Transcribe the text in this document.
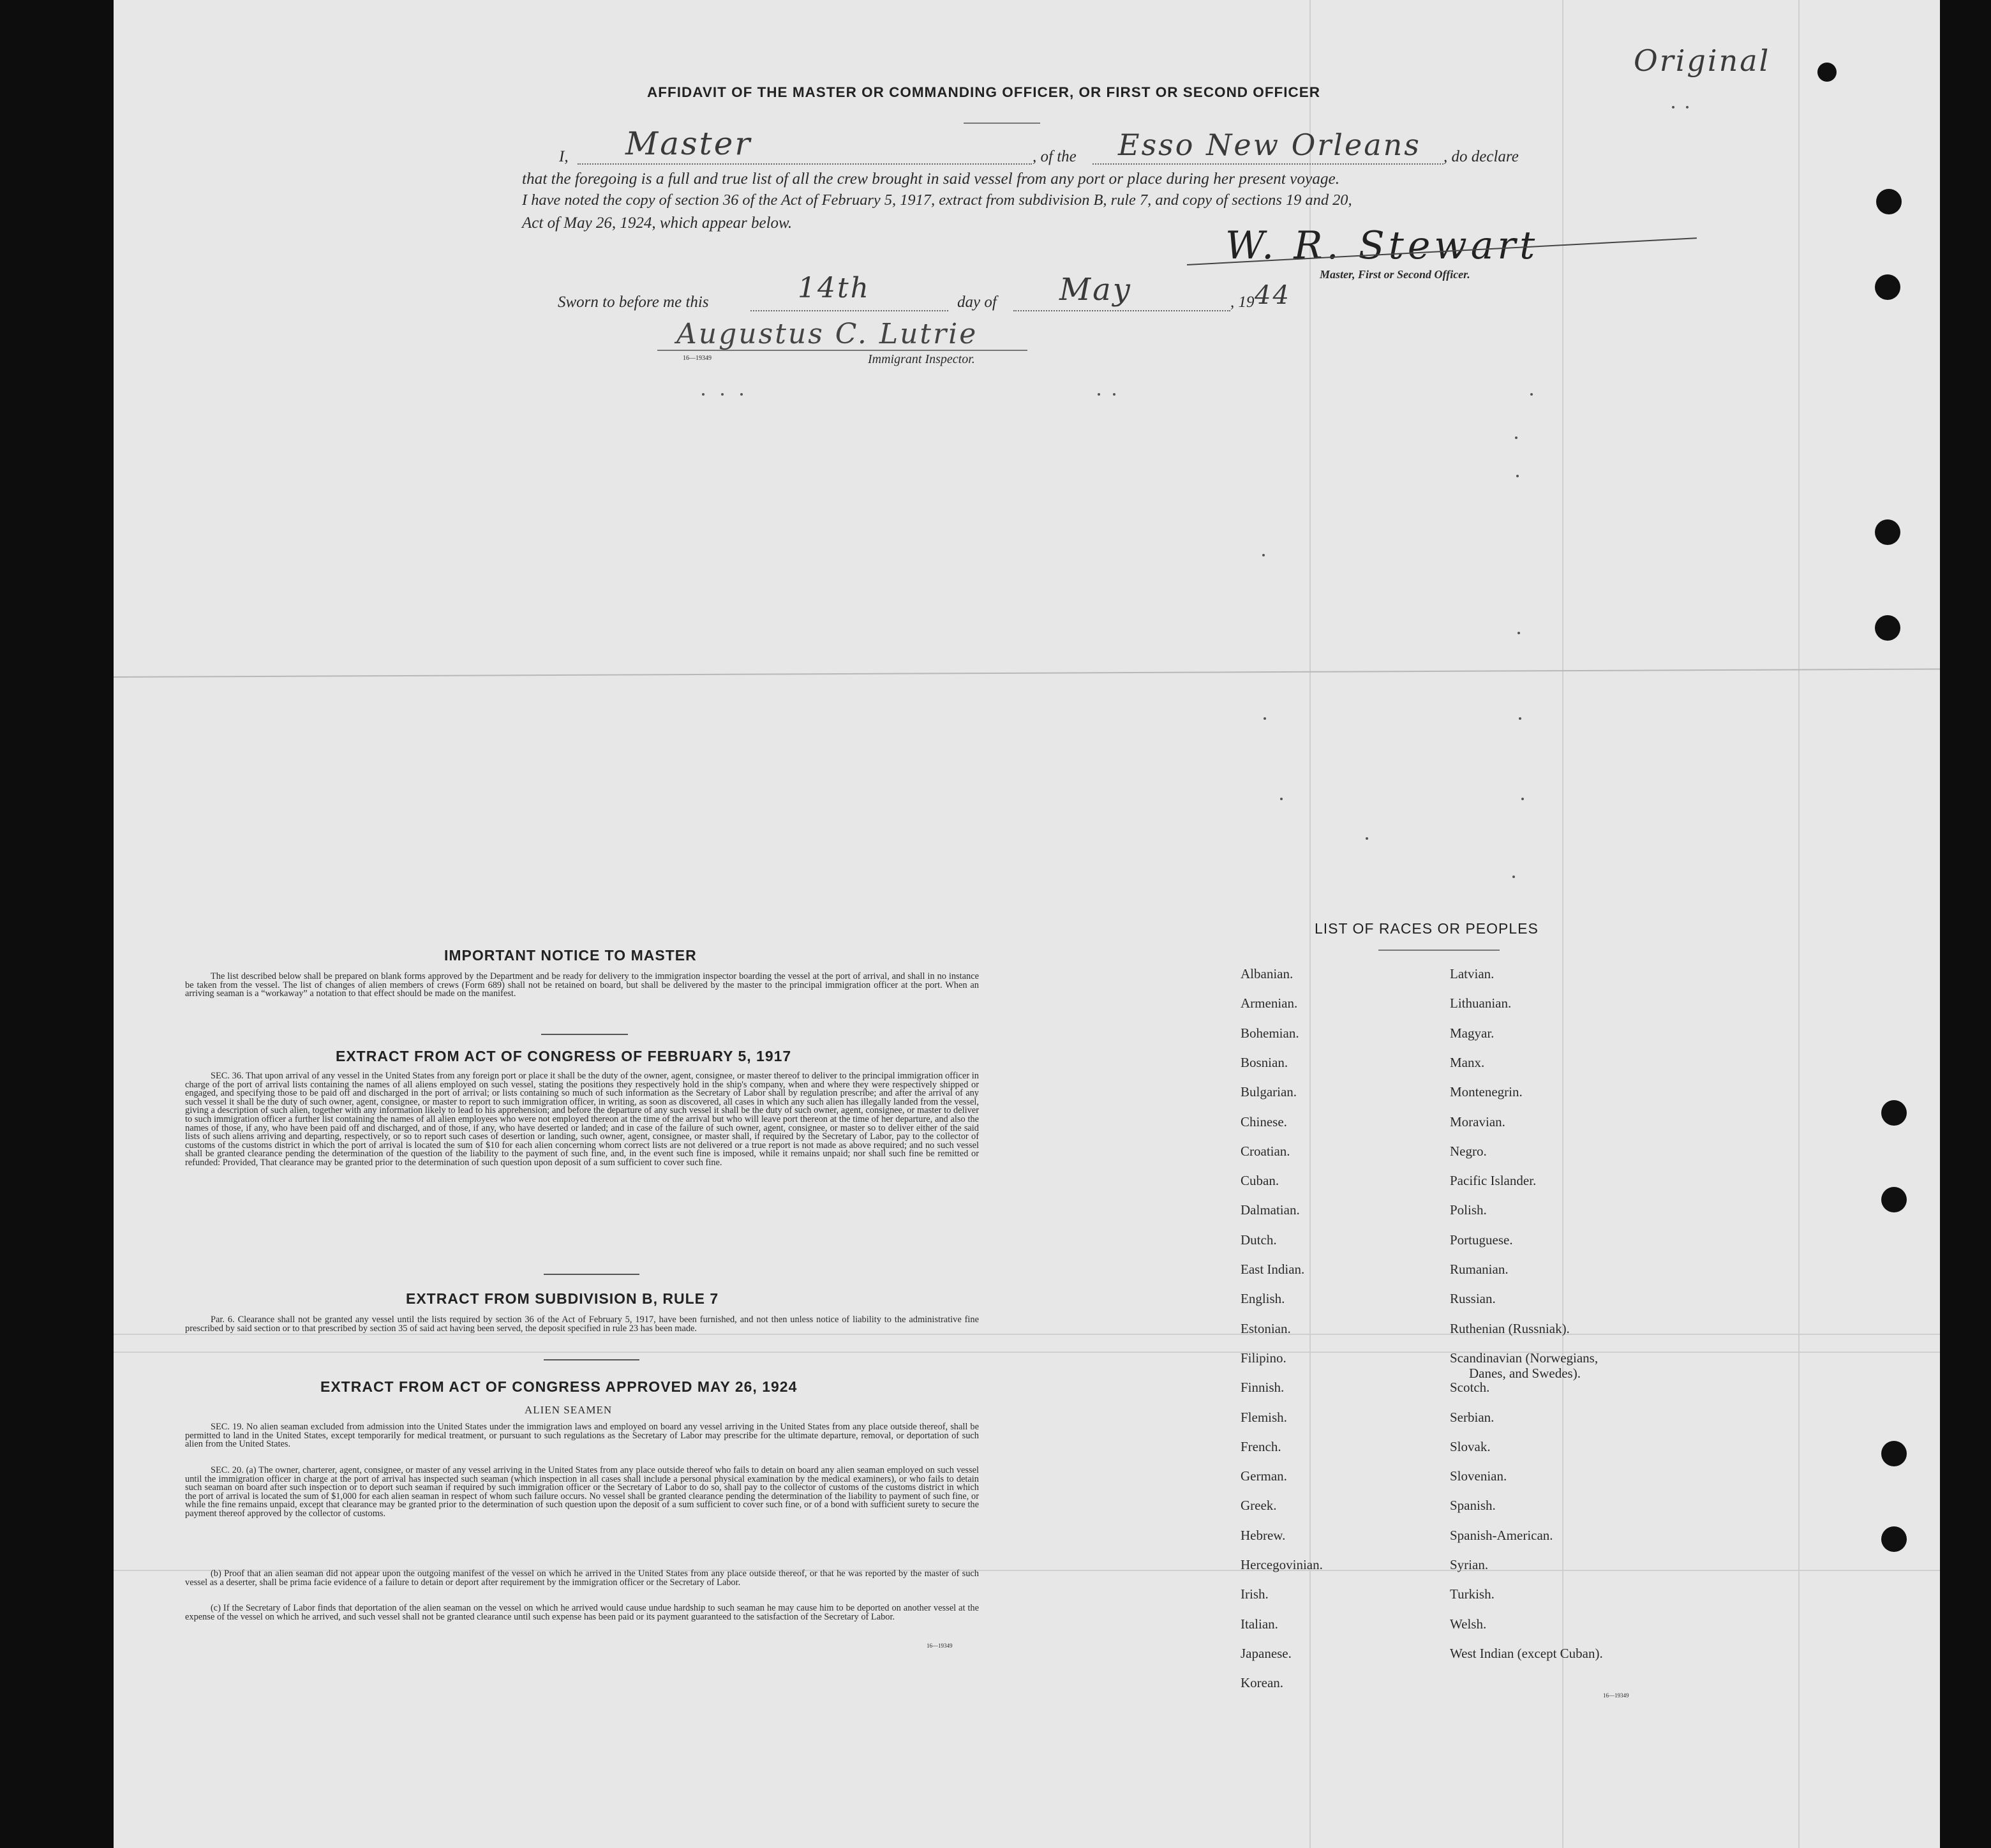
Original
AFFIDAVIT OF THE MASTER OR COMMANDING OFFICER, OR FIRST OR SECOND OFFICER
I, Master	, of the Esso New Orleans , do declare
that the foregoing is a full and true list of all the crew brought in said vessel from any port or place during her present voyage.
I have noted the copy of section 36 of the Act of February 5, 1917, extract from subdivision B, rule 7, and copy of sections 19 and 20,
Act of May 26, 1924, which appear below.
W. R. Stewart
Master, First or Second Officer.
Sworn to before me this	14th	day of May	, 19 44
Augustus C. Lutrie
16—19349	Immigrant Inspector.
IMPORTANT NOTICE TO MASTER
The list described below shall be prepared on blank forms approved by the Department and be ready for delivery to the immigration inspector boarding the vessel at the port of arrival, and shall in no instance be taken from the vessel. The list of changes of alien members of crews (Form 689) shall not be retained on board, but shall be delivered by the master to the principal immigration officer at the port. When an arriving seaman is a “workaway” a notation to that effect should be made on the manifest.
EXTRACT FROM ACT OF CONGRESS OF FEBRUARY 5, 1917
SEC. 36. That upon arrival of any vessel in the United States from any foreign port or place it shall be the duty of the owner, agent, consignee, or master thereof to deliver to the principal immigration officer in charge of the port of arrival lists containing the names of all aliens employed on such vessel, stating the positions they respectively hold in the ship's company, when and where they were respectively shipped or engaged, and specifying those to be paid off and discharged in the port of arrival; or lists containing so much of such information as the Secretary of Labor shall by regulation prescribe; and after the arrival of any such vessel it shall be the duty of such owner, agent, consignee, or master to report to such immigration officer, in writing, as soon as discovered, all cases in which any such alien has illegally landed from the vessel, giving a description of such alien, together with any information likely to lead to his apprehension; and before the departure of any such vessel it shall be the duty of such owner, agent, consignee, or master to deliver to such immigration officer a further list containing the names of all alien employees who were not employed thereon at the time of the arrival but who will leave port thereon at the time of her departure, and also the names of those, if any, who have been paid off and discharged, and of those, if any, who have deserted or landed; and in case of the failure of such owner, agent, consignee, or master so to deliver either of the said lists of such aliens arriving and departing, respectively, or so to report such cases of desertion or landing, such owner, agent, consignee, or master shall, if required by the Secretary of Labor, pay to the collector of customs of the customs district in which the port of arrival is located the sum of $10 for each alien concerning whom correct lists are not delivered or a true report is not made as above required; and no such vessel shall be granted clearance pending the determination of the question of the liability to the payment of such fine, and, in the event such fine is imposed, while it remains unpaid; nor shall such fine be remitted or refunded: Provided, That clearance may be granted prior to the determination of such question upon deposit of a sum sufficient to cover such fine.
EXTRACT FROM SUBDIVISION B, RULE 7
Par. 6. Clearance shall not be granted any vessel until the lists required by section 36 of the Act of February 5, 1917, have been furnished, and not then unless notice of liability to the administrative fine prescribed by said section or to that prescribed by section 35 of said act having been served, the deposit specified in rule 23 has been made.
EXTRACT FROM ACT OF CONGRESS APPROVED MAY 26, 1924
ALIEN SEAMEN
SEC. 19. No alien seaman excluded from admission into the United States under the immigration laws and employed on board any vessel arriving in the United States from any place outside thereof, shall be permitted to land in the United States, except temporarily for medical treatment, or pursuant to such regulations as the Secretary of Labor may prescribe for the ultimate departure, removal, or deportation of such alien from the United States.
SEC. 20. (a) The owner, charterer, agent, consignee, or master of any vessel arriving in the United States from any place outside thereof who fails to detain on board any alien seaman employed on such vessel until the immigration officer in charge at the port of arrival has inspected such seaman (which inspection in all cases shall include a personal physical examination by the medical examiners), or who fails to detain such seaman on board after such inspection or to deport such seaman if required by such immigration officer or the Secretary of Labor to do so, shall pay to the collector of customs of the customs district in which the port of arrival is located the sum of $1,000 for each alien seaman in respect of whom such failure occurs. No vessel shall be granted clearance pending the determination of the liability to payment of such fine, or while the fine remains unpaid, except that clearance may be granted prior to the determination of such question upon the deposit of a sum sufficient to cover such fine, or of a bond with sufficient surety to secure the payment thereof approved by the collector of customs.
(b) Proof that an alien seaman did not appear upon the outgoing manifest of the vessel on which he arrived in the United States from any place outside thereof, or that he was reported by the master of such vessel as a deserter, shall be prima facie evidence of a failure to detain or deport after requirement by the immigration officer or the Secretary of Labor.
(c) If the Secretary of Labor finds that deportation of the alien seaman on the vessel on which he arrived would cause undue hardship to such seaman he may cause him to be deported on another vessel at the expense of the vessel on which he arrived, and such vessel shall not be granted clearance until such expense has been paid or its payment guaranteed to the satisfaction of the Secretary of Labor.
16—19349
LIST OF RACES OR PEOPLES
Albanian.
Armenian.
Bohemian.
Bosnian.
Bulgarian.
Chinese.
Croatian.
Cuban.
Dalmatian.
Dutch.
East Indian.
English.
Estonian.
Filipino.
Finnish.
Flemish.
French.
German.
Greek.
Hebrew.
Hercegovinian.
Irish.
Italian.
Japanese.
Korean.
Latvian.
Lithuanian.
Magyar.
Manx.
Montenegrin.
Moravian.
Negro.
Pacific Islander.
Polish.
Portuguese.
Rumanian.
Russian.
Ruthenian (Russniak).
Scandinavian (Norwegians,
Danes, and Swedes).
Scotch.
Serbian.
Slovak.
Slovenian.
Spanish.
Spanish-American.
Syrian.
Turkish.
Welsh.
West Indian (except Cuban).
16—19349
